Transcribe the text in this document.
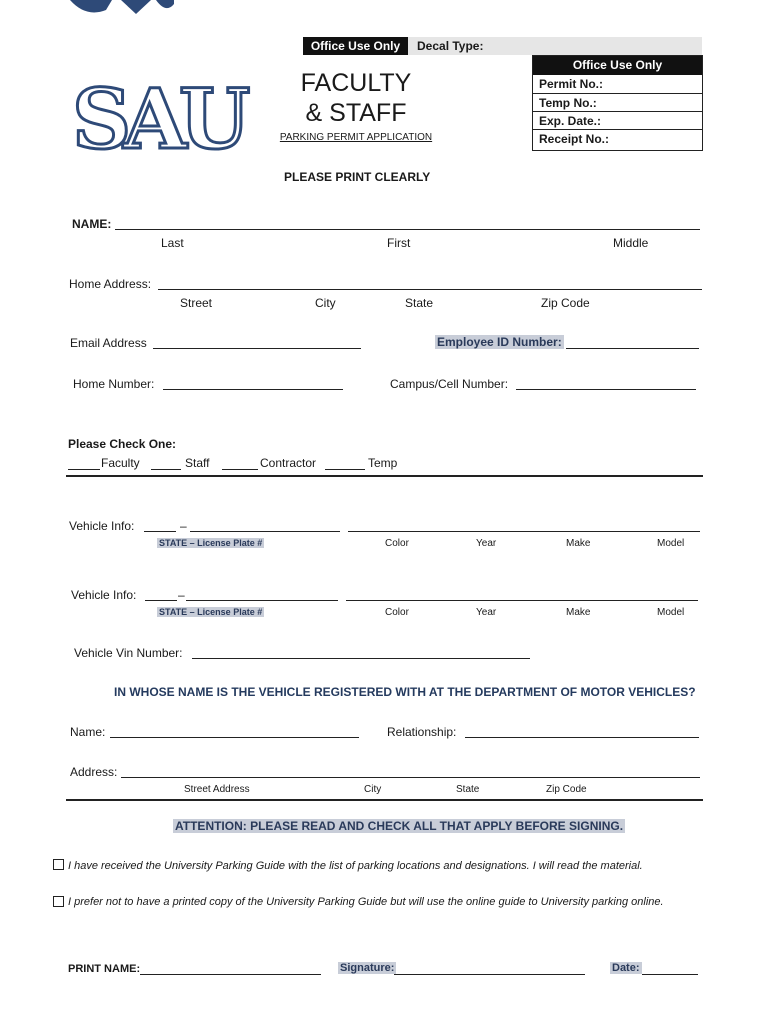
Office Use Only	Decal Type:
SAU	FACULTY
& STAFF
PARKING PERMIT APPLICATION
Office Use Only
Permit No.:
Temp No.:
Exp. Date.:
Receipt No.:
PLEASE PRINT CLEARLY
NAME:
Last	First	Middle
Home Address:
Street	City	State	Zip Code
Email Address	Employee ID Number:
Home Number:	Campus/Cell Number:
Please Check One:
Faculty	Staff	Contractor	Temp
Vehicle Info:	–
STATE – License Plate #	Color	Year	Make	Model
Vehicle Info:	–
STATE – License Plate #	Color	Year	Make	Model
Vehicle Vin Number:
IN WHOSE NAME IS THE VEHICLE REGISTERED WITH AT THE DEPARTMENT OF MOTOR VEHICLES?
Name:	Relationship:
Address:
Street Address	City	State	Zip Code
ATTENTION: PLEASE READ AND CHECK ALL THAT APPLY BEFORE SIGNING.
I have received the University Parking Guide with the list of parking locations and designations. I will read the material.
I prefer not to have a printed copy of the University Parking Guide but will use the online guide to University parking online.
PRINT NAME:	Signature:	Date:
